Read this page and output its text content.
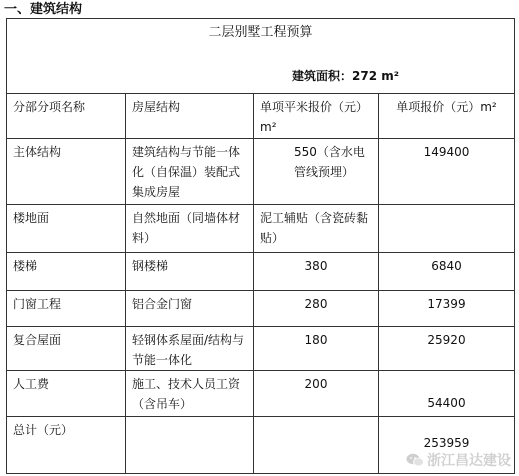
一、建筑结构
二层别墅工程预算
建筑面积：272 m²			

分部分项名称	房屋结构	单项平米报价（元）m²	单项报价（元）m²
主体结构	建筑结构与节能一体化（自保温）装配式集成房屋	550（含水电管线预埋）	149400
楼地面	自然地面（同墙体材料）	泥工辅贴（含瓷砖黏贴）	
楼梯	钢楼梯	380	6840
门窗工程	铝合金门窗	280	17399
复合屋面	轻钢体系屋面/结构与节能一体化	180	25920
人工费	施工、技术人员工资（含吊车）	200	54400
总计（元）			253959
浙江昌达建设
